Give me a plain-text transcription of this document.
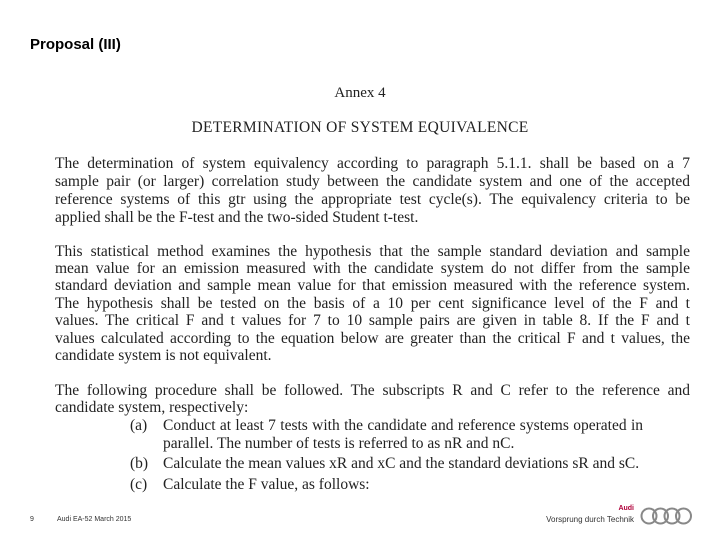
Proposal (III)
Annex 4
DETERMINATION OF SYSTEM EQUIVALENCE
The determination of system equivalency according to paragraph 5.1.1. shall be based on a 7
sample pair (or larger) correlation study between the candidate system and one of the accepted
reference systems of this gtr using the appropriate test cycle(s). The equivalency criteria to be
applied shall be the F-test and the two-sided Student t-test.
This statistical method examines the hypothesis that the sample standard deviation and sample
mean value for an emission measured with the candidate system do not differ from the sample
standard deviation and sample mean value for that emission measured with the reference system.
The hypothesis shall be tested on the basis of a 10 per cent significance level of the F and t
values. The critical F and t values for 7 to 10 sample pairs are given in table 8. If the F and t
values calculated according to the equation below are greater than the critical F and t values, the
candidate system is not equivalent.
The following procedure shall be followed. The subscripts R and C refer to the reference and
candidate system, respectively:
(a) Conduct at least 7 tests with the candidate and reference systems operated in
parallel. The number of tests is referred to as nR and nC.
(b) Calculate the mean values xR and xC and the standard deviations sR and sC.
(c) Calculate the F value, as follows:
9	Audi EA-52 March 2015
Audi
Vorsprung durch Technik
